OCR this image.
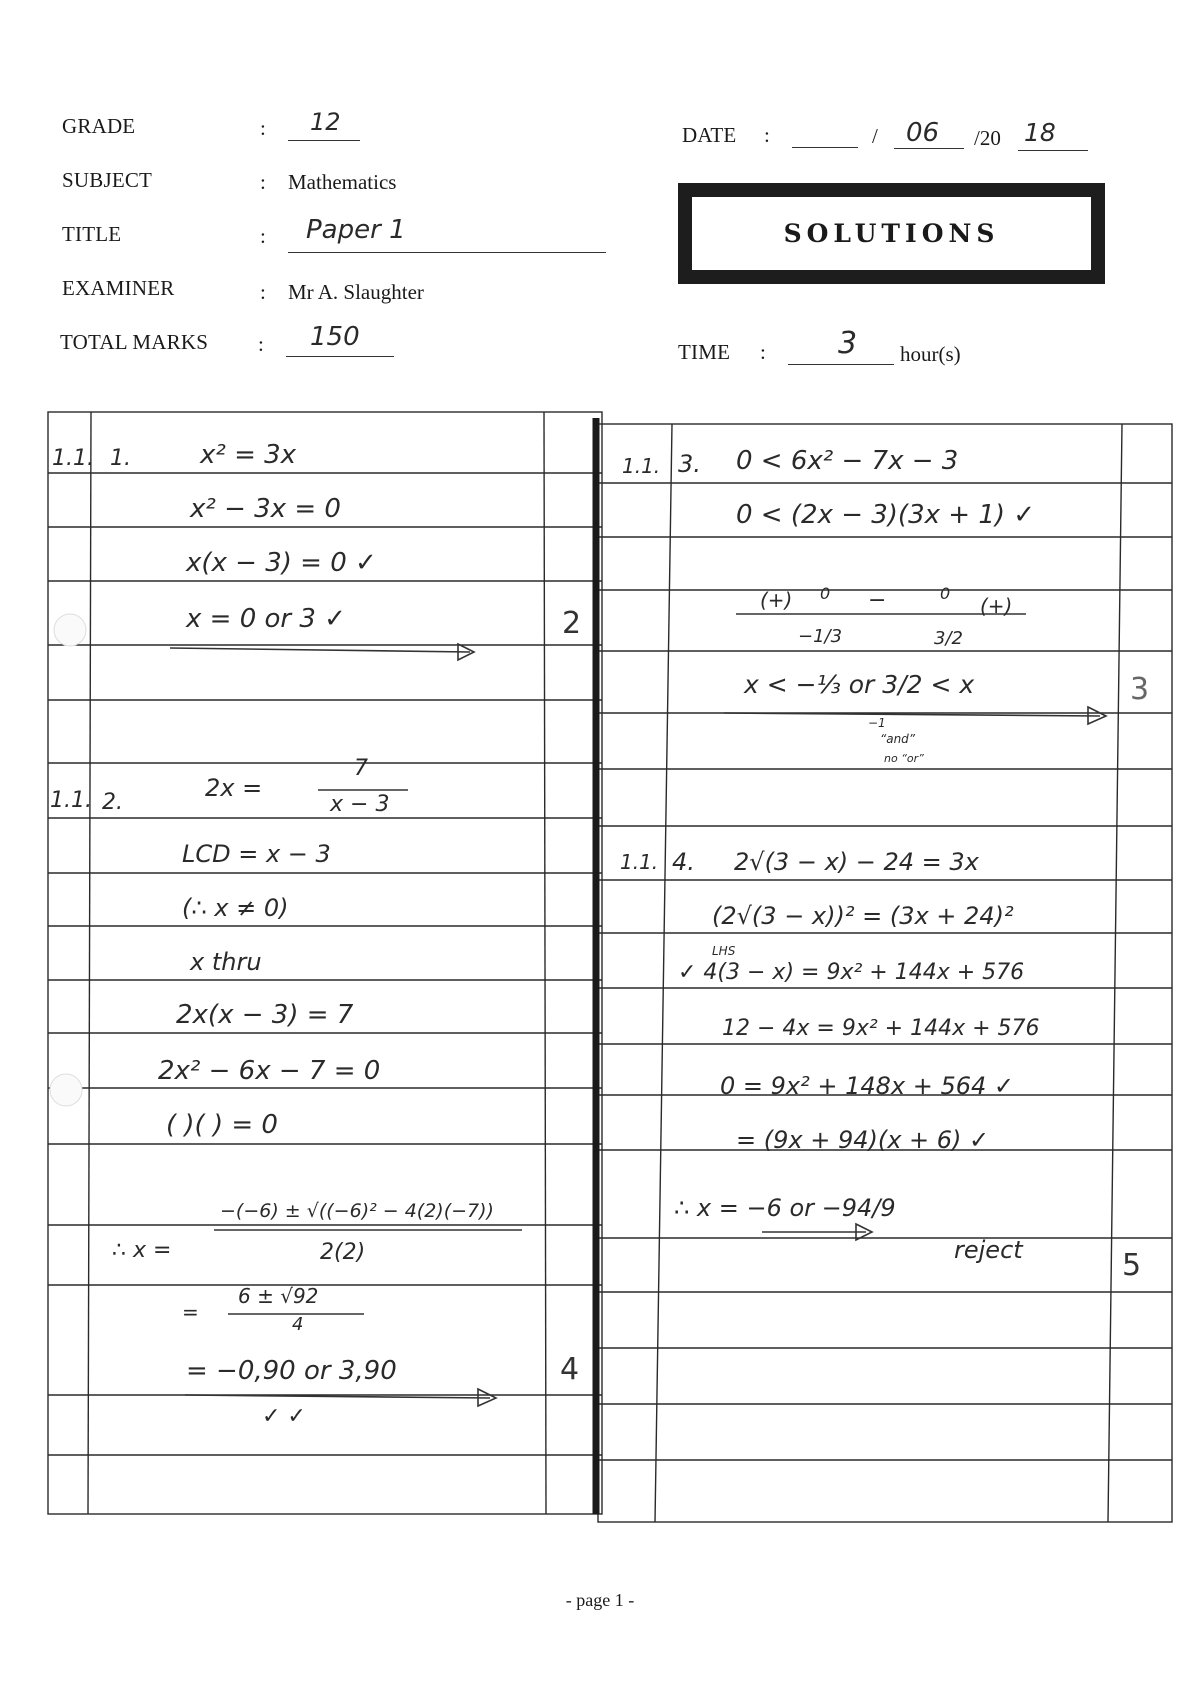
GRADE	: 12
SUBJECT	: Mathematics
TITLE	: Paper 1
EXAMINER	: Mr A. Slaughter
TOTAL MARKS : 150
DATE :	/ 06 /20 18
SOLUTIONS
TIME : 3 hour(s)
1.1. 1.	x² = 3x
x² − 3x = 0
x(x − 3) = 0 ✓
x = 0 or 3 ✓	2
1.1. 2.
2x =
7
x − 3
LCD = x − 3
(∴ x ≠ 0)
x thru
2x(x − 3) = 7
2x² − 6x − 7 = 0
( )( ) = 0
∴ x =
−(−6) ± √((−6)² − 4(2)(−7))
2(2)
=
6 ± √92
4
= −0,90 or 3,90
✓ ✓
4
1.1. 3. 0 < 6x² − 7x − 3
0 < (2x − 3)(3x + 1) ✓
(+) 0 −	0
(+)
−1/3	3/2
x < −⅓ or 3/2 < x
−1
“and”
no “or”
3
1.1. 4. 2√(3 − x) − 24 = 3x
(2√(3 − x))² = (3x + 24)²
LHS
✓ 4(3 − x) = 9x² + 144x + 576
12 − 4x = 9x² + 144x + 576
0 = 9x² + 148x + 564 ✓
= (9x + 94)(x + 6) ✓
∴ x = −6 or −94/9
reject	5
- page 1 -
